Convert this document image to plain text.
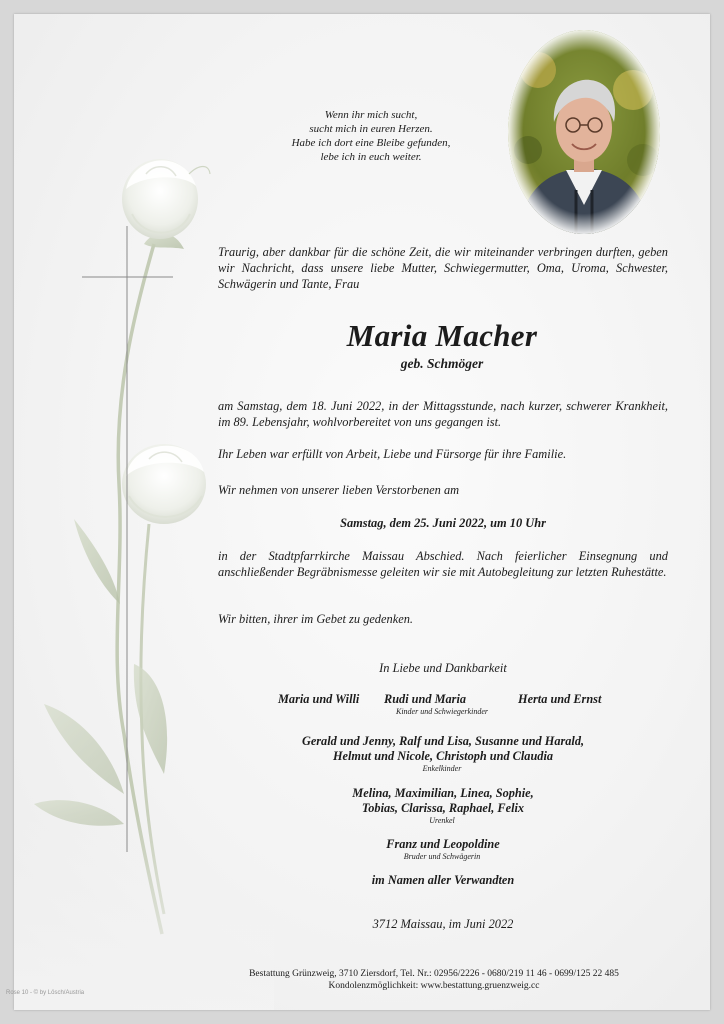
Wenn ihr mich sucht,
sucht mich in euren Herzen.
Habe ich dort eine Bleibe gefunden,
lebe ich in euch weiter.
Traurig, aber dankbar für die schöne Zeit, die wir miteinander verbringen durften, geben wir Nachricht, dass unsere liebe Mutter, Schwiegermutter, Oma, Uroma, Schwester, Schwägerin und Tante, Frau
Maria Macher
geb. Schmöger
am Samstag, dem 18. Juni 2022, in der Mittagsstunde, nach kurzer, schwerer Krankheit, im 89. Lebensjahr, wohlvorbereitet von uns gegangen ist.
Ihr Leben war erfüllt von Arbeit, Liebe und Fürsorge für ihre Familie.
Wir nehmen von unserer lieben Verstorbenen am
Samstag, dem 25. Juni 2022, um 10 Uhr
in der Stadtpfarrkirche Maissau Abschied. Nach feierlicher Einsegnung und anschließender Begräbnismesse geleiten wir sie mit Autobegleitung zur letzten Ruhestätte.
Wir bitten, ihrer im Gebet zu gedenken.
In Liebe und Dankbarkeit
Maria und Willi Rudi und Maria	Herta und Ernst
Kinder und Schwiegerkinder
Gerald und Jenny, Ralf und Lisa, Susanne und Harald,
Helmut und Nicole, Christoph und Claudia
Enkelkinder
Melina, Maximilian, Linea, Sophie,
Tobias, Clarissa, Raphael, Felix
Urenkel
Franz und Leopoldine
Bruder und Schwägerin
im Namen aller Verwandten
3712 Maissau, im Juni 2022
Bestattung Grünzweig, 3710 Ziersdorf, Tel. Nr.: 02956/2226 - 0680/219 11 46 - 0699/125 22 485
Kondolenzmöglichkeit: www.bestattung.gruenzweig.cc
Rose 10 - © by Lösch/Austria
